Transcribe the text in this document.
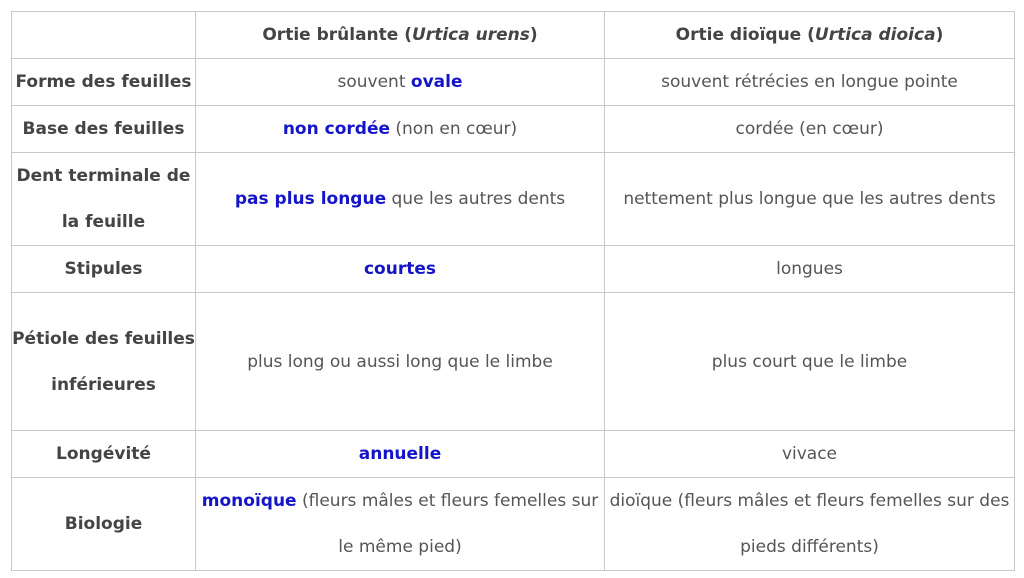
	Ortie brûlante (Urtica urens)	Ortie dioïque (Urtica dioica)
Forme des feuilles	souvent ovale	souvent rétrécies en longue pointe
Base des feuilles	non cordée (non en cœur)	cordée (en cœur)
Dent terminale de la feuille	pas plus longue que les autres dents	nettement plus longue que les autres dents
Stipules	courtes	longues
Pétiole des feuilles inférieures	plus long ou aussi long que le limbe	plus court que le limbe
Longévité	annuelle	vivace
Biologie	monoïque (fleurs mâles et fleurs femelles sur le même pied)	dioïque (fleurs mâles et fleurs femelles sur des pieds différents)
